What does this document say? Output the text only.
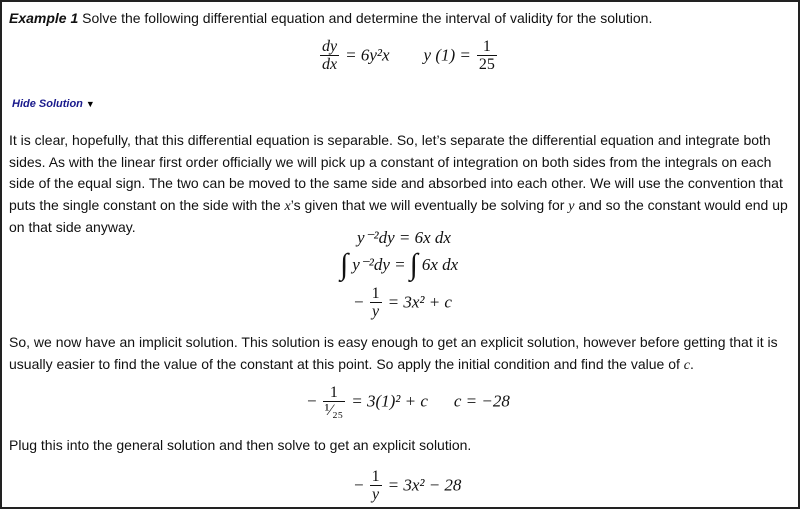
Example 1 Solve the following differential equation and determine the interval of validity for the solution.
$\frac{dy}{dx} = 6y^2x$ y $(1) = \frac{1}{25}$
Hide Solution ▼
It is clear, hopefully, that this differential equation is separable. So, let’s separate the differential equation and integrate both sides. As with the linear first order officially we will pick up a constant of integration on both sides from the integrals on each side of the equal sign. The two can be moved to the same side and absorbed into each other. We will use the convention that puts the single constant on the side with the x’s given that we will eventually be solving for y and so the constant would end up on that side anyway.
y⁻²dy = 6x dx
∫ y⁻²dy = ∫ 6x dx
− $\frac{1}{y} = 3x^2 + c$
So, we now have an implicit solution. This solution is easy enough to get an explicit solution, however before getting that it is usually easier to find the value of the constant at this point. So apply the initial condition and find the value of c.
− $\frac{1}{\text{¹⁄₂₅}} = 3(1)^2 + c$ c = −28
Plug this into the general solution and then solve to get an explicit solution.
− $\frac{1}{y} = 3x^2 - 28$
